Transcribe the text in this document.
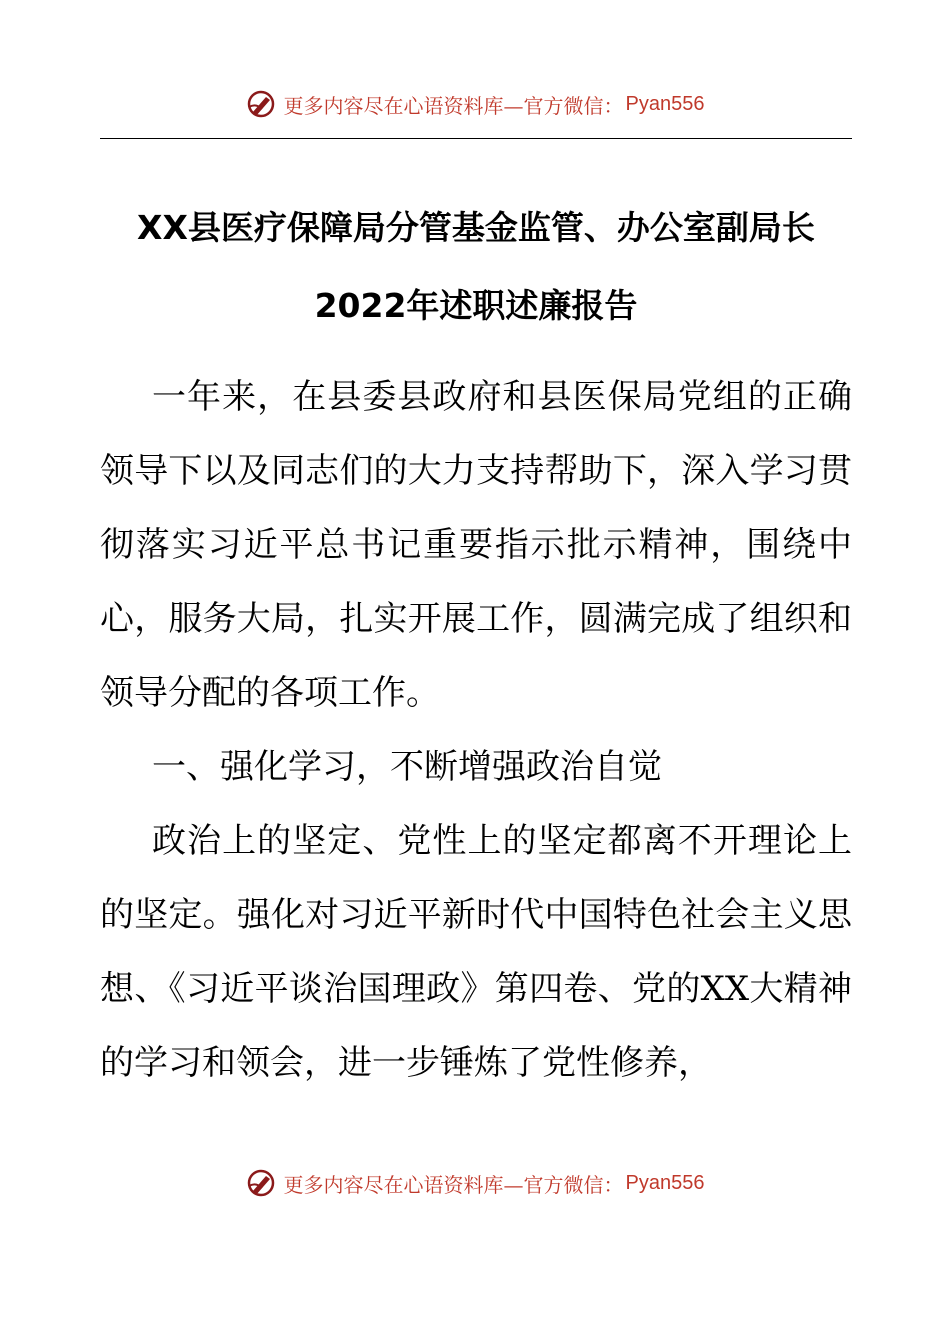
更多内容尽在心语资料库—官方微信： Pyan556
XX县医疗保障局分管基金监管、办公室副局长
2022年述职述廉报告

一年来，在县委县政府和县医保局党组的正确领导下以及同志们的大力支持帮助下，深入学习贯彻落实习近平总书记重要指示批示精神，围绕中心，服务大局，扎实开展工作，圆满完成了组织和领导分配的各项工作。

一、强化学习，不断增强政治自觉

政治上的坚定、党性上的坚定都离不开理论上的坚定。强化对习近平新时代中国特色社会主义思想、《习近平谈治国理政》第四卷、党的XX大精神的学习和领会，进一步锤炼了党性修养，

更多内容尽在心语资料库—官方微信： Pyan556
